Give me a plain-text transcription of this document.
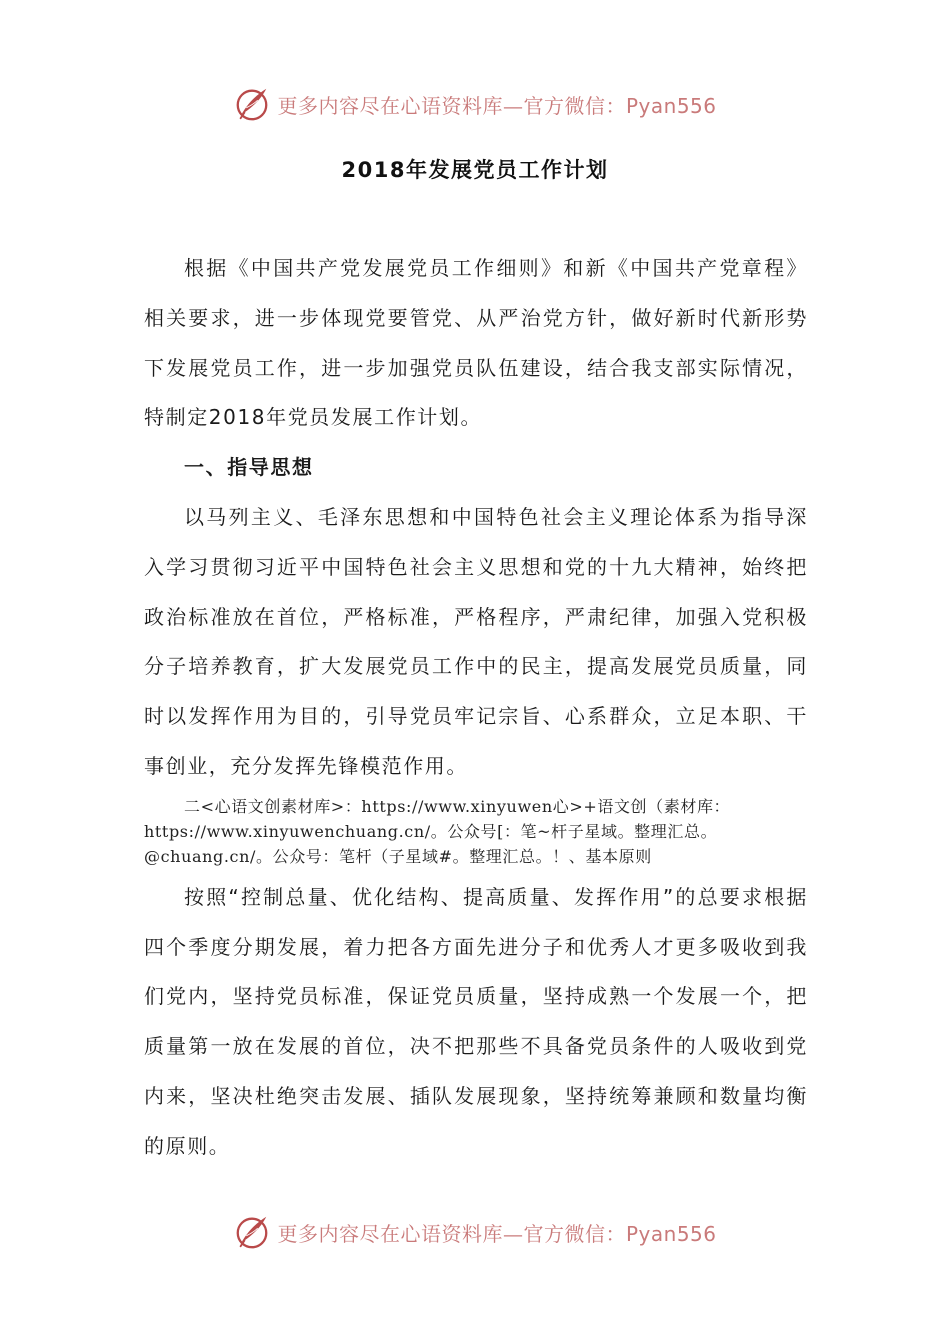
更多内容尽在心语资料库—官方微信：Pyan556
2018年发展党员工作计划

根据《中国共产党发展党员工作细则》和新《中国共产党章程》相关要求，进一步体现党要管党、从严治党方针，做好新时代新形势下发展党员工作，进一步加强党员队伍建设，结合我支部实际情况，特制定2018年党员发展工作计划。

一、指导思想

以马列主义、毛泽东思想和中国特色社会主义理论体系为指导深入学习贯彻习近平中国特色社会主义思想和党的十九大精神，始终把政治标准放在首位，严格标准，严格程序，严肃纪律，加强入党积极分子培养教育，扩大发展党员工作中的民主，提高发展党员质量，同时以发挥作用为目的，引导党员牢记宗旨、心系群众，立足本职、干事创业，充分发挥先锋模范作用。

二<心语文创素材库>：https://www.xinyuwen心>+语文创（素材库：https://www.xinyuwenchuang.cn/。公众号[：笔~杆子星域。整理汇总。@chuang.cn/。公众号：笔杆（子星域#。整理汇总。！、基本原则

按照“控制总量、优化结构、提高质量、发挥作用”的总要求根据四个季度分期发展，着力把各方面先进分子和优秀人才更多吸收到我们党内，坚持党员标准，保证党员质量，坚持成熟一个发展一个，把质量第一放在发展的首位，决不把那些不具备党员条件的人吸收到党内来，坚决杜绝突击发展、插队发展现象，坚持统筹兼顾和数量均衡的原则。

更多内容尽在心语资料库—官方微信：Pyan556
